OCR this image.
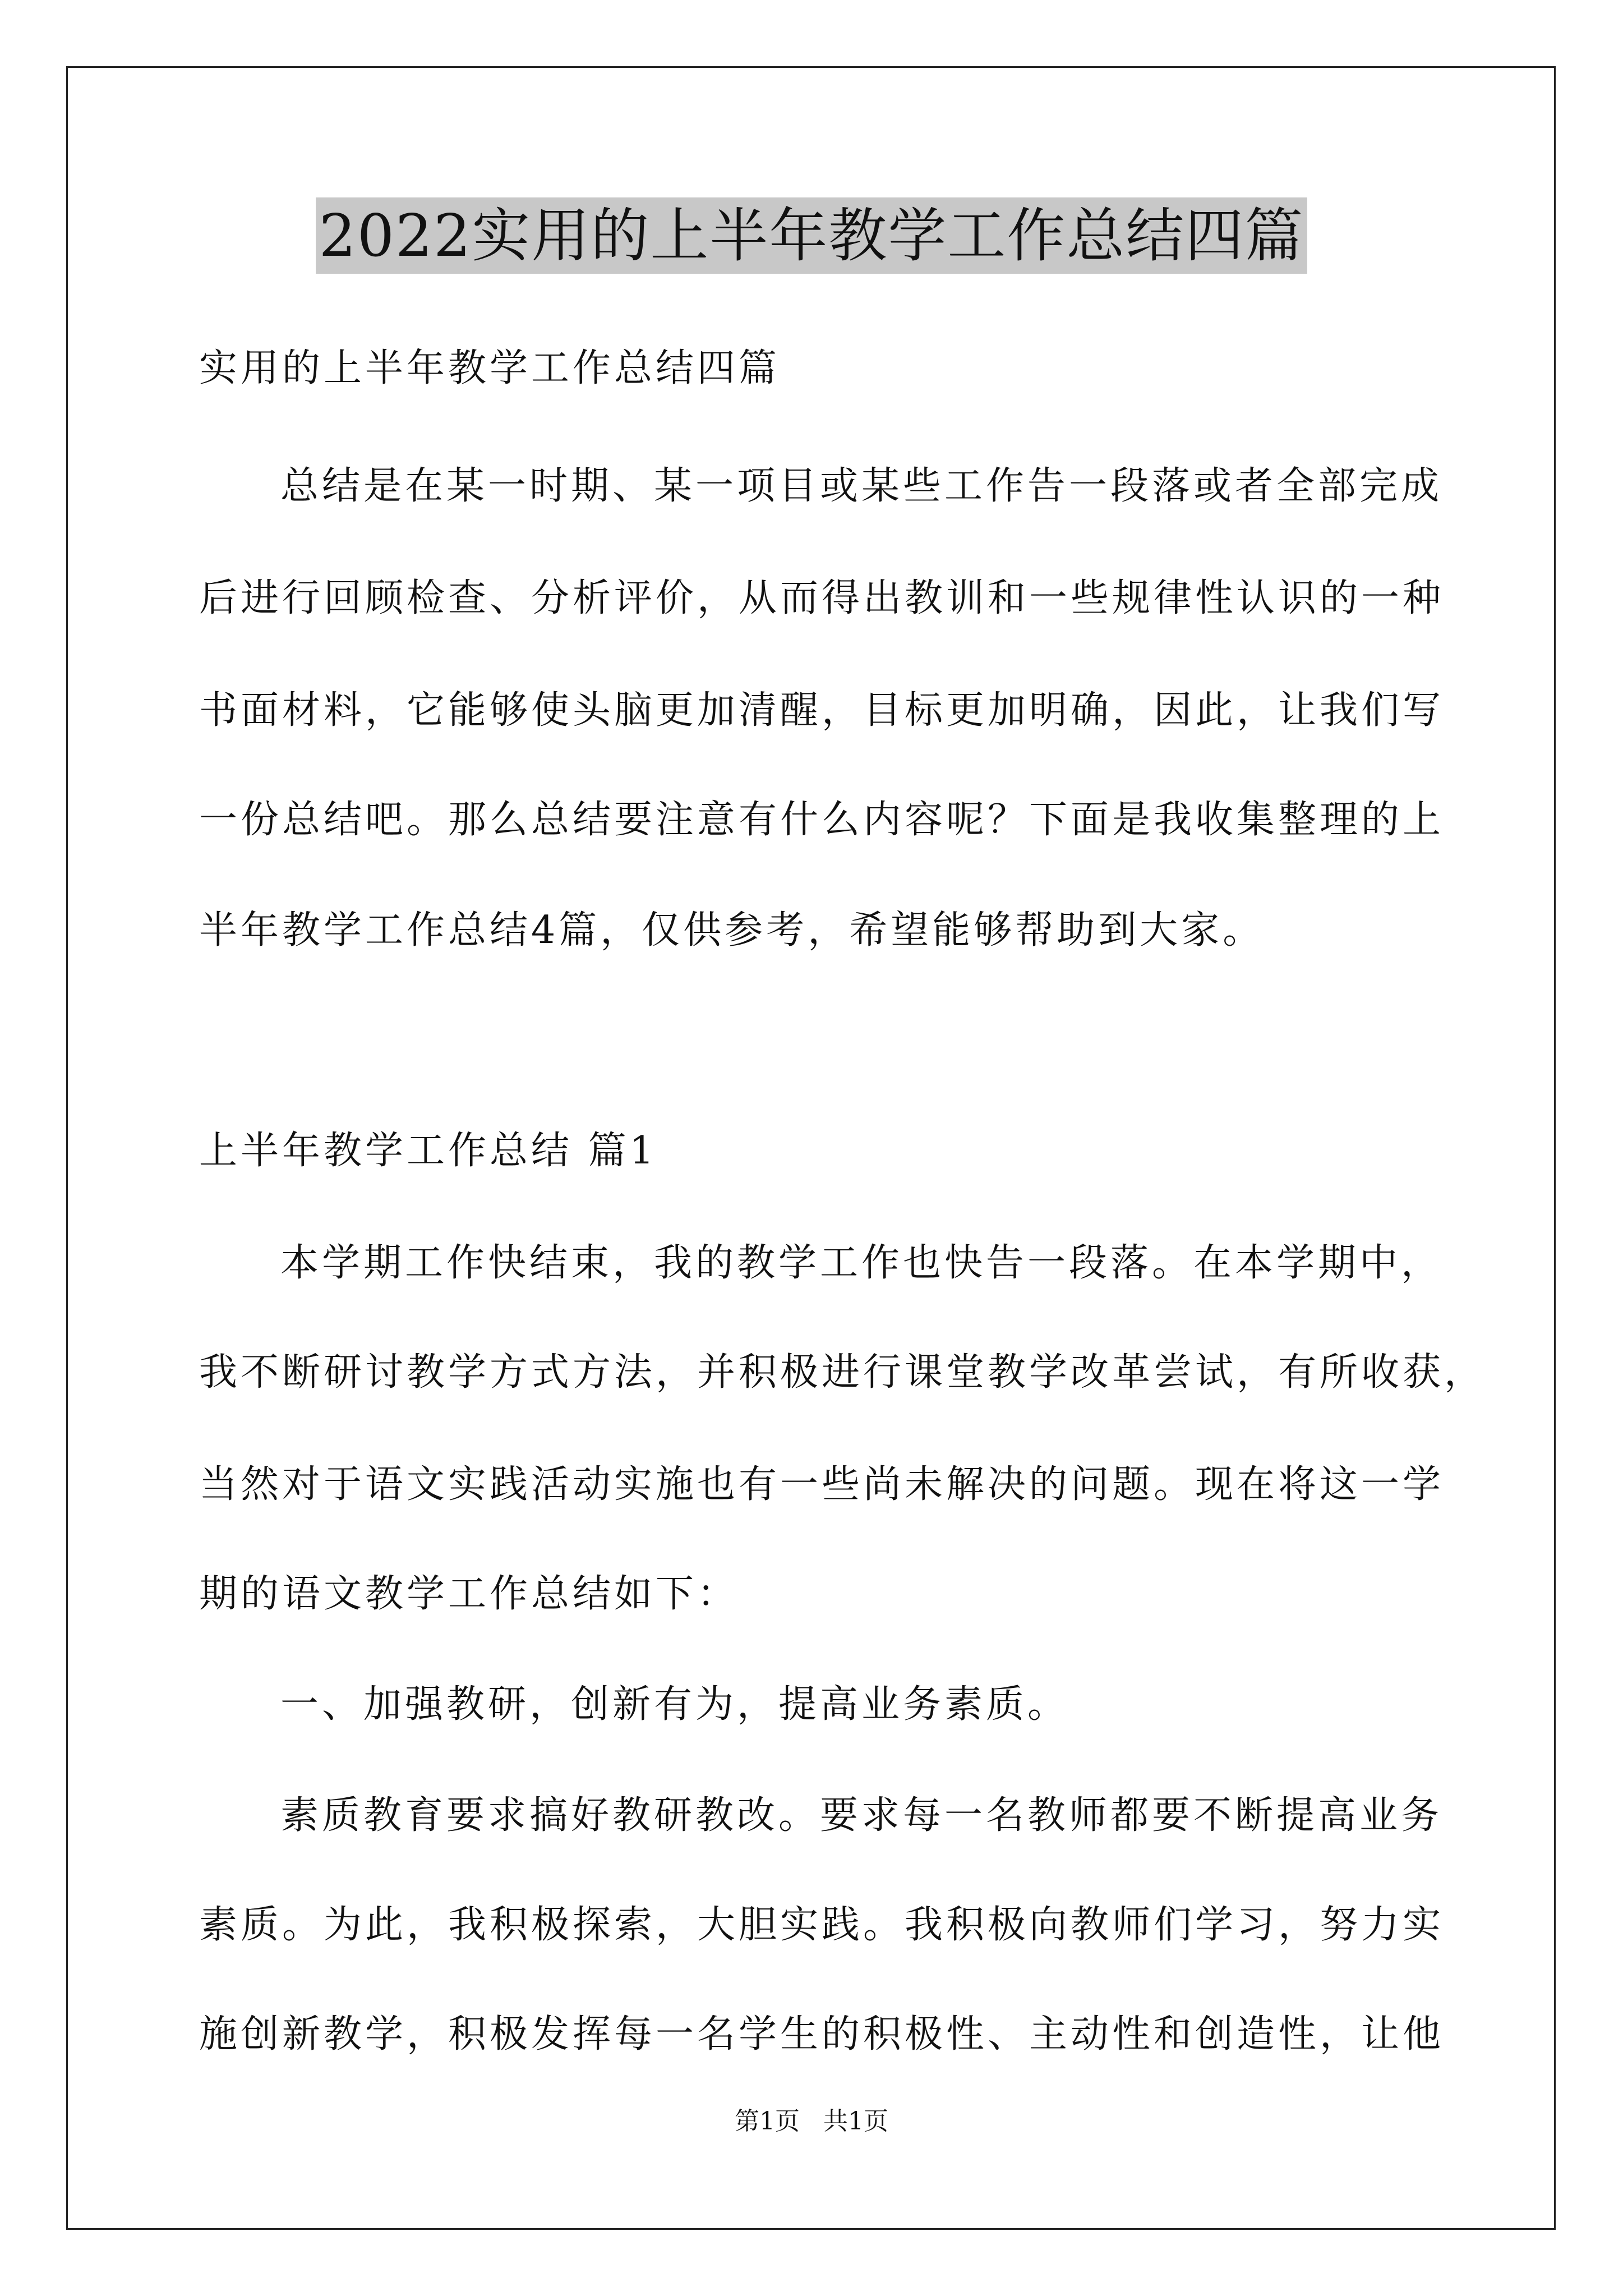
2022实用的上半年教学工作总结四篇
实用的上半年教学工作总结四篇
总结是在某一时期、某一项目或某些工作告一段落或者全部完成
后进行回顾检查、分析评价，从而得出教训和一些规律性认识的一种
书面材料，它能够使头脑更加清醒，目标更加明确，因此，让我们写
一份总结吧。那么总结要注意有什么内容呢？下面是我收集整理的上
半年教学工作总结4篇，仅供参考，希望能够帮助到大家。
上半年教学工作总结 篇1
本学期工作快结束，我的教学工作也快告一段落。在本学期中，
我不断研讨教学方式方法，并积极进行课堂教学改革尝试，有所收获，
当然对于语文实践活动实施也有一些尚未解决的问题。现在将这一学
期的语文教学工作总结如下：
一、加强教研，创新有为，提高业务素质。
素质教育要求搞好教研教改。要求每一名教师都要不断提高业务
素质。为此，我积极探索，大胆实践。我积极向教师们学习，努力实
施创新教学，积极发挥每一名学生的积极性、主动性和创造性，让他
第1页   共1页
